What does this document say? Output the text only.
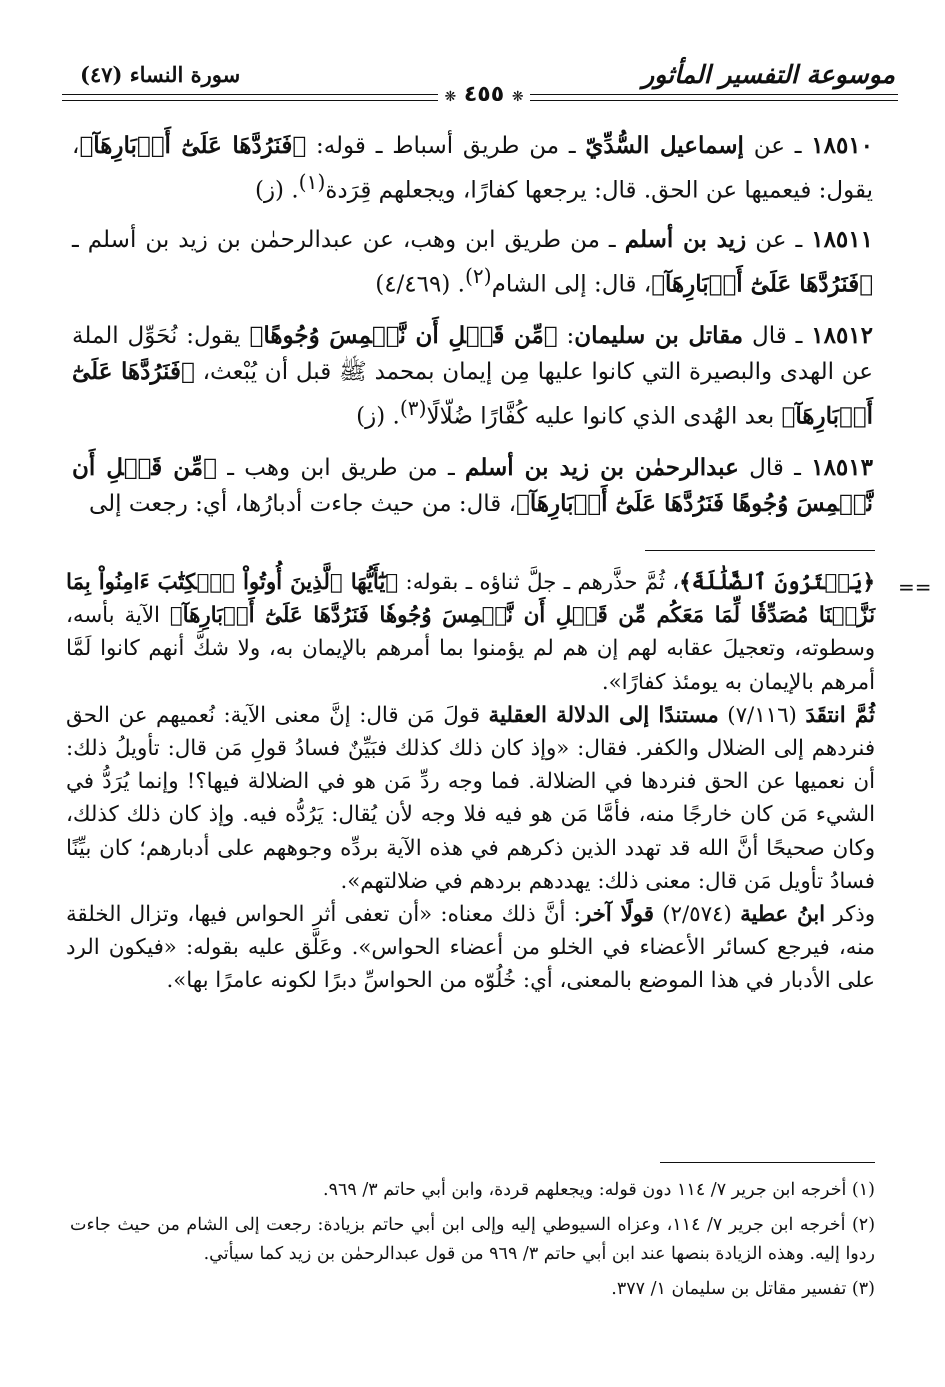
موسوعة التفسير المأثور
سورة النساء (٤٧)
❋ ٤٥٥ ❋
١٨٥١٠ ـ عن إسماعيل السُّدِّيّ ـ من طريق أسباط ـ قوله: ﴿فَنَرُدَّهَا عَلَىٰٓ أَدۡبَارِهَآ﴾، يقول: فيعميها عن الحق. قال: يرجعها كفارًا، ويجعلهم قِرَدة$^{(١)}$. (ز)
١٨٥١١ ـ عن زيد بن أسلم ـ من طريق ابن وهب، عن عبدالرحمٰن بن زيد بن أسلم ـ ﴿فَنَرُدَّهَا عَلَىٰٓ أَدۡبَارِهَآ﴾، قال: إلى الشام$^{(٢)}$. (٤/٤٦٩)
١٨٥١٢ ـ قال مقاتل بن سليمان: ﴿مِّن قَبۡلِ أَن نَّطۡمِسَ وُجُوهًا﴾ يقول: نُحَوِّل الملة عن الهدى والبصيرة التي كانوا عليها مِن إيمان بمحمد ﷺ قبل أن يُبْعث، ﴿فَنَرُدَّهَا عَلَىٰٓ أَدۡبَارِهَآ﴾ بعد الهُدى الذي كانوا عليه كُفَّارًا ضُلّالًا$^{(٣)}$. (ز)
١٨٥١٣ ـ قال عبدالرحمٰن بن زيد بن أسلم ـ من طريق ابن وهب ـ ﴿مِّن قَبۡلِ أَن نَّطۡمِسَ وُجُوهًا فَنَرُدَّهَا عَلَىٰٓ أَدۡبَارِهَآ﴾، قال: من حيث جاءت أدبارُها، أي: رجعت إلى
==

﴿يَشۡتَرُونَ ٱلضَّلَٰلَةَ﴾، ثُمَّ حذَّرهم ـ جلَّ ثناؤه ـ بقوله: ﴿يَٰٓأَيُّهَا ٱلَّذِينَ أُوتُواْ ٱلۡكِتَٰبَ ءَامِنُواْ بِمَا نَزَّلۡنَا مُصَدِّقٗا لِّمَا مَعَكُم مِّن قَبۡلِ أَن نَّطۡمِسَ وُجُوهٗا فَنَرُدَّهَا عَلَىٰٓ أَدۡبَارِهَآ﴾ الآية بأسه، وسطوته، وتعجيلَ عقابه لهم إن هم لم يؤمنوا بما أمرهم بالإيمان به، ولا شكَّ أنهم كانوا لَمَّا أمرهم بالإيمان به يومئذ كفارًا».

ثُمَّ انتقَدَ (٧/١١٦) مستندًا إلى الدلالة العقلية قولَ مَن قال: إنَّ معنى الآية: نُعميهم عن الحق فنردهم إلى الضلال والكفر. فقال: «وإذ كان ذلك كذلك فبَيِّنٌ فسادُ قولِ مَن قال: تأويلُ ذلك: أن نعميها عن الحق فنردها في الضلالة. فما وجه ردِّ مَن هو في الضلالة فيها؟! وإنما يُرَدُّ في الشيء مَن كان خارجًا منه، فأمَّا مَن هو فيه فلا وجه لأن يُقال: يَرُدُّه فيه. وإذ كان ذلك كذلك، وكان صحيحًا أنَّ الله قد تهدد الذين ذكرهم في هذه الآية بردِّه وجوههم على أدبارهم؛ كان بيِّنًا فسادُ تأويل مَن قال: معنى ذلك: يهددهم بردهم في ضلالتهم».

وذكر ابنُ عطية (٢/٥٧٤) قولًا آخر: أنَّ ذلك معناه: «أن تعفى أثر الحواس فيها، وتزال الخلقة منه، فيرجع كسائر الأعضاء في الخلو من أعضاء الحواس». وعَلَّق عليه بقوله: «فيكون الرد على الأدبار في هذا الموضع بالمعنى، أي: خُلُوّه من الحواسِّ دبرًا لكونه عامرًا بها».

(١) أخرجه ابن جرير ٧/ ١١٤ دون قوله: ويجعلهم قردة، وابن أبي حاتم ٣/ ٩٦٩.

(٢) أخرجه ابن جرير ٧/ ١١٤، وعزاه السيوطي إليه وإلى ابن أبي حاتم بزيادة: رجعت إلى الشام من حيث جاءت ردوا إليه. وهذه الزيادة بنصها عند ابن أبي حاتم ٣/ ٩٦٩ من قول عبدالرحمٰن بن زيد كما سيأتي.

(٣) تفسير مقاتل بن سليمان ١/ ٣٧٧.
